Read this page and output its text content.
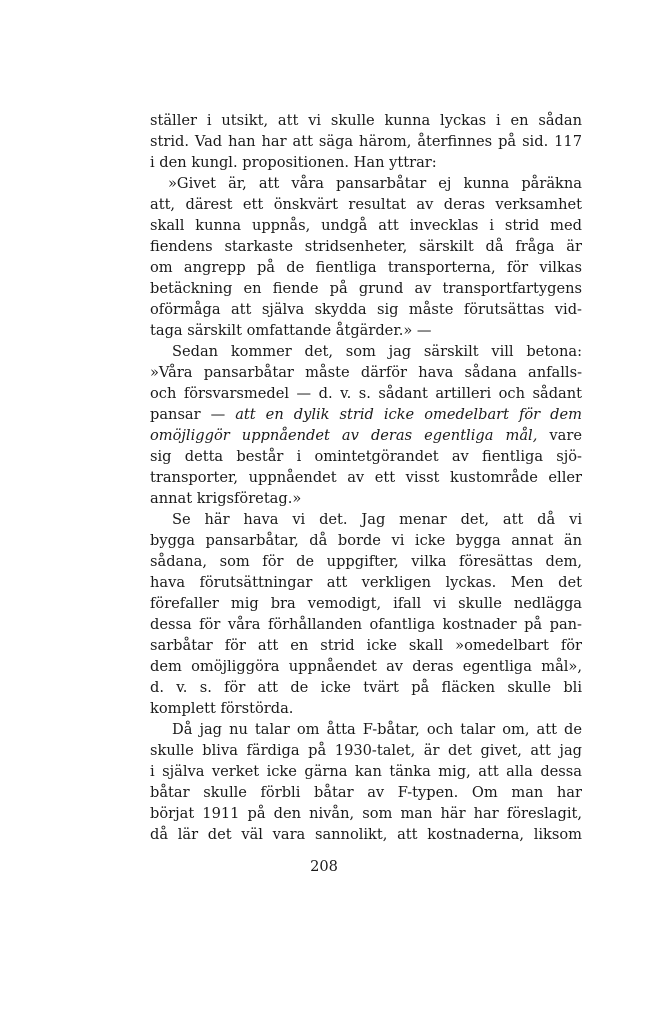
ställer i utsikt, att vi skulle kunna lyckas i en sådan
strid. Vad han har att säga härom, återfinnes på sid. 117
i den kungl. propositionen. Han yttrar:
»Givet är, att våra pansarbåtar ej kunna påräkna
att, därest ett önskvärt resultat av deras verksamhet
skall kunna uppnås, undgå att invecklas i strid med
fiendens starkaste stridsenheter, särskilt då fråga är
om angrepp på de fientliga transporterna, för vilkas
betäckning en fiende på grund av transportfartygens
oförmåga att själva skydda sig måste förutsättas vid-
taga särskilt omfattande åtgärder.» —
Sedan kommer det, som jag särskilt vill betona:
»Våra pansarbåtar måste därför hava sådana anfalls-
och försvarsmedel — d. v. s. sådant artilleri och sådant
pansar — att en dylik strid icke omedelbart för dem
omöjliggör uppnåendet av deras egentliga mål, vare
sig detta består i omintetgörandet av fientliga sjö-
transporter, uppnåendet av ett visst kustområde eller
annat krigsföretag.»
Se här hava vi det. Jag menar det, att då vi
bygga pansarbåtar, då borde vi icke bygga annat än
sådana, som för de uppgifter, vilka föresättas dem,
hava förutsättningar att verkligen lyckas. Men det
förefaller mig bra vemodigt, ifall vi skulle nedlägga
dessa för våra förhållanden ofantliga kostnader på pan-
sarbåtar för att en strid icke skall »omedelbart för
dem omöjliggöra uppnåendet av deras egentliga mål»,
d. v. s. för att de icke tvärt på fläcken skulle bli
komplett förstörda.
Då jag nu talar om åtta F-båtar, och talar om, att de
skulle bliva färdiga på 1930-talet, är det givet, att jag
i själva verket icke gärna kan tänka mig, att alla dessa
båtar skulle förbli båtar av F-typen. Om man har
börjat 1911 på den nivån, som man här har föreslagit,
då lär det väl vara sannolikt, att kostnaderna, liksom
208
